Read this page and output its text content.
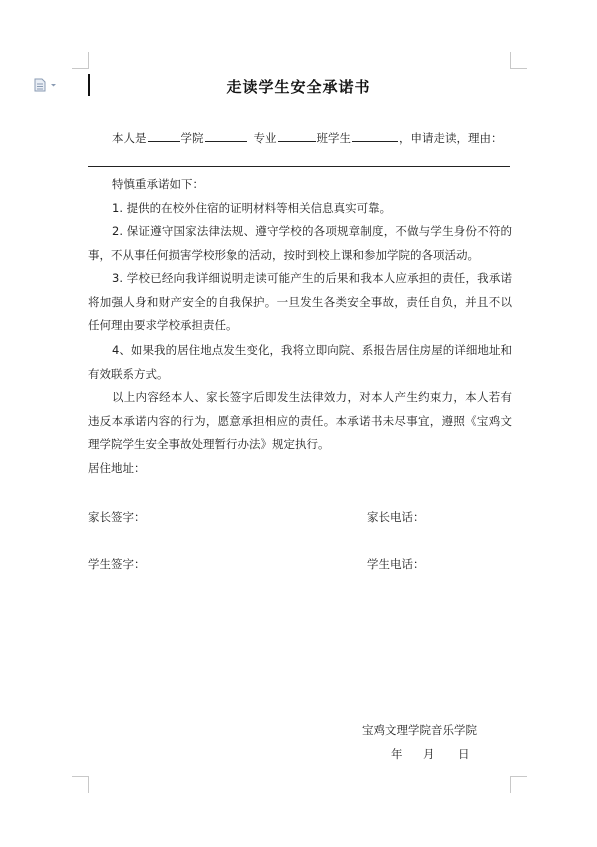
走读学生安全承诺书
本人是	学院	专业	班学生	，申请走读，理由：
特慎重承诺如下：
1. 提供的在校外住宿的证明材料等相关信息真实可靠。
2. 保证遵守国家法律法规、遵守学校的各项规章制度，不做与学生身份不符的事，不从事任何损害学校形象的活动，按时到校上课和参加学院的各项活动。
3. 学校已经向我详细说明走读可能产生的后果和我本人应承担的责任，我承诺将加强人身和财产安全的自我保护。一旦发生各类安全事故，责任自负，并且不以任何理由要求学校承担责任。
4、如果我的居住地点发生变化，我将立即向院、系报告居住房屋的详细地址和有效联系方式。
以上内容经本人、家长签字后即发生法律效力，对本人产生约束力，本人若有违反本承诺内容的行为，愿意承担相应的责任。本承诺书未尽事宜，遵照《宝鸡文理学院学生安全事故处理暂行办法》规定执行。
居住地址：
家长签字：	家长电话：
学生签字：	学生电话：
宝鸡文理学院音乐学院
年 月 日
